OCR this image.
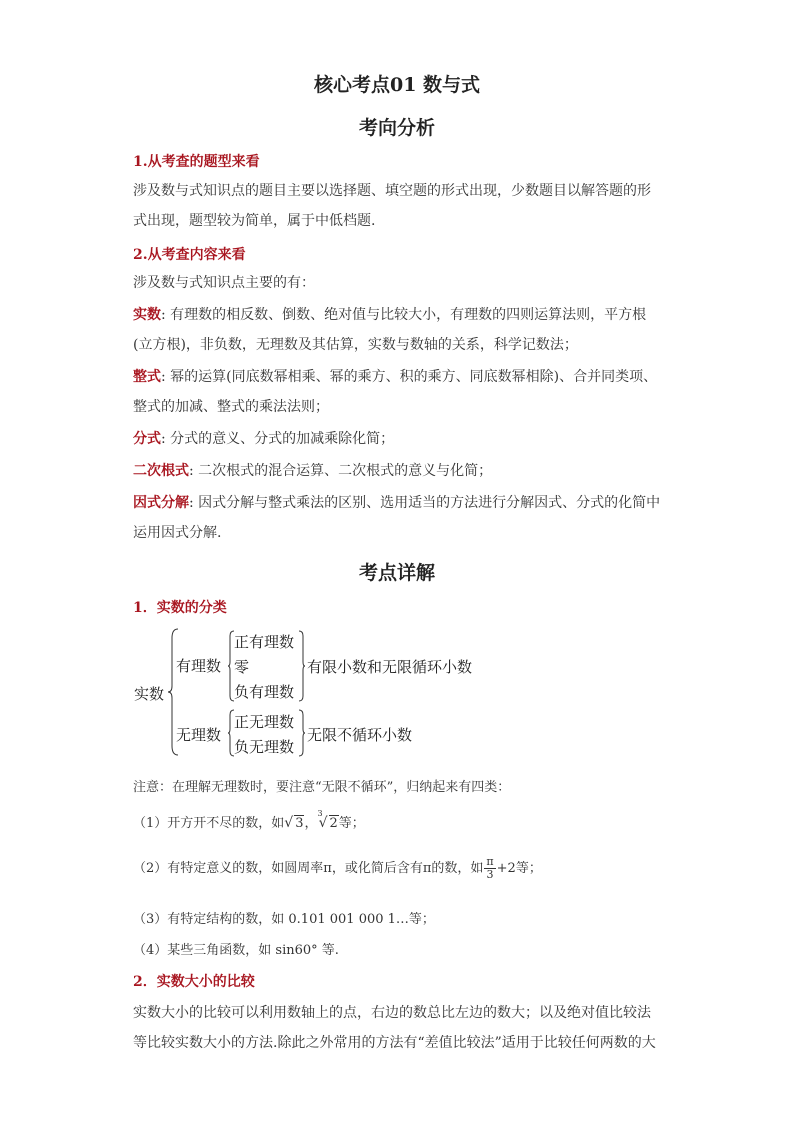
核心考点01 数与式
考向分析
1.从考查的题型来看
涉及数与式知识点的题目主要以选择题、填空题的形式出现，少数题目以解答题的形式出现，题型较为简单，属于中低档题.
2.从考查内容来看
涉及数与式知识点主要的有：
实数: 有理数的相反数、倒数、绝对值与比较大小，有理数的四则运算法则，平方根(立方根)，非负数，无理数及其估算，实数与数轴的关系，科学记数法；
整式: 幂的运算(同底数幂相乘、幂的乘方、积的乘方、同底数幂相除)、合并同类项、整式的加减、整式的乘法法则；
分式: 分式的意义、分式的加减乘除化简；
二次根式: 二次根式的混合运算、二次根式的意义与化简；
因式分解: 因式分解与整式乘法的区别、选用适当的方法进行分解因式、分式的化简中运用因式分解.
考点详解
1．实数的分类
实数
有理数
正有理数
零
负有理数
有限小数和无限循环小数
无理数
正无理数
负无理数
无限不循环小数
注意：在理解无理数时，要注意“无限不循环”，归纳起来有四类：
（1）开方开不尽的数，如√ 3，$^3$√ 2等；
（2）有特定意义的数，如圆周率π，或化简后含有π的数，如 $\frac{\pi}{3} +2$等；
（3）有特定结构的数，如 0.101 001 000 1…等；
（4）某些三角函数，如 sin60° 等.
2．实数大小的比较
实数大小的比较可以利用数轴上的点，右边的数总比左边的数大；以及绝对值比较法等比较实数大小的方法.除此之外常用的方法有“差值比较法”适用于比较任何两数的大
